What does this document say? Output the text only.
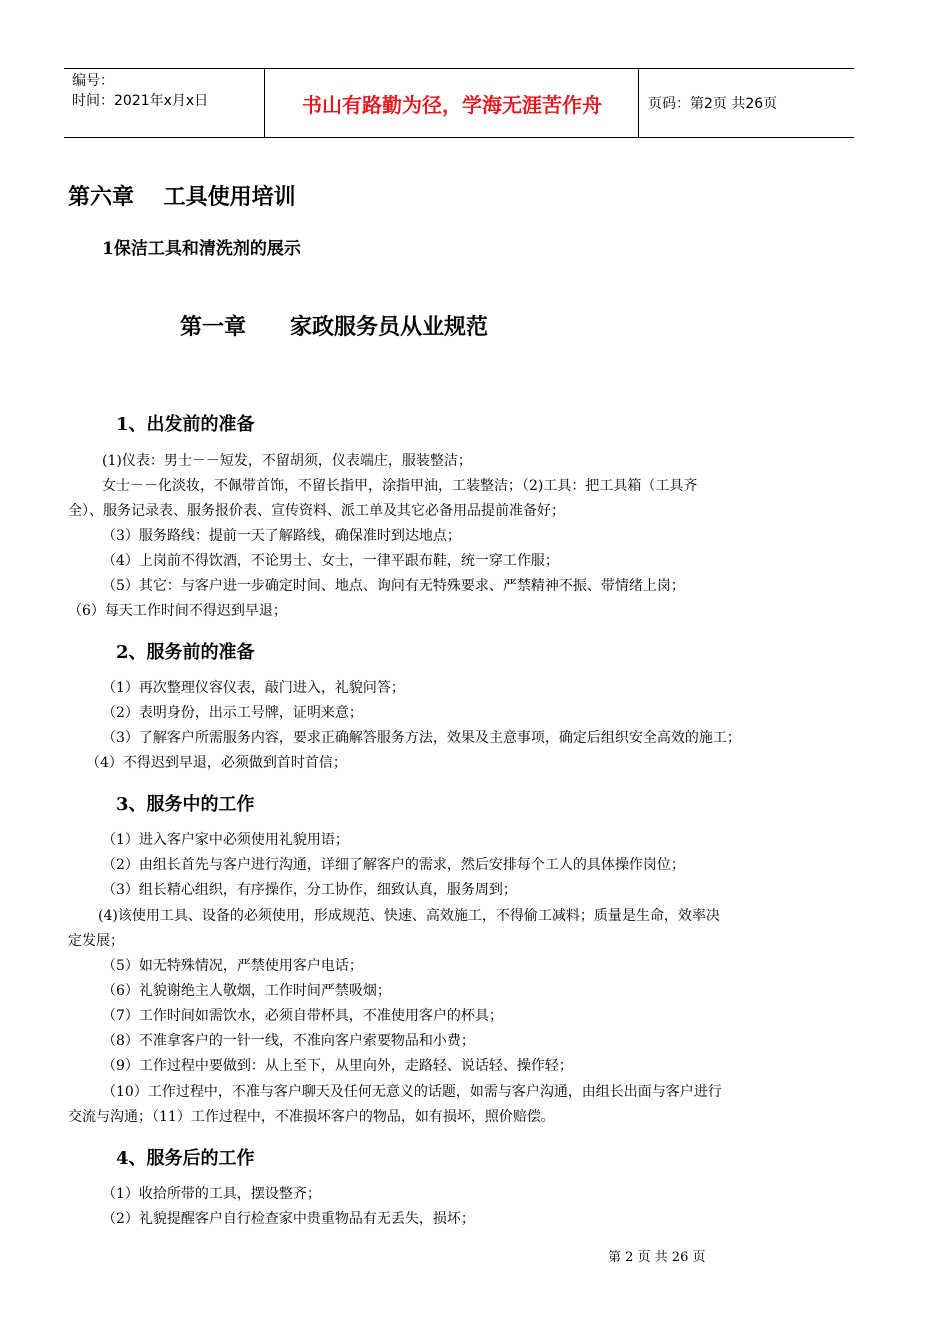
编号：
时间：2021年x月x日	书山有路勤为径，学海无涯苦作舟	页码：第2页 共26页
第六章　 工具使用培训
1保洁工具和清洗剂的展示
第一章　　家政服务员从业规范
1、出发前的准备
(1)仪表：男士－－短发，不留胡须，仪表端庄，服装整洁；
女士－－化淡妆，不佩带首饰，不留长指甲，涂指甲油，工装整洁；（2)工具：把工具箱（工具齐
全）、服务记录表、服务报价表、宣传资料、派工单及其它必备用品提前准备好；
（3）服务路线：提前一天了解路线，确保准时到达地点；
（4）上岗前不得饮酒，不论男士、女士，一律平跟布鞋，统一穿工作服；
（5）其它：与客户进一步确定时间、地点、询问有无特殊要求、严禁精神不振、带情绪上岗；
（6）每天工作时间不得迟到早退；
2、服务前的准备
（1）再次整理仪容仪表，敲门进入，礼貌问答；
（2）表明身份，出示工号牌，证明来意；
（3）了解客户所需服务内容，要求正确解答服务方法，效果及主意事项，确定后组织安全高效的施工；
（4）不得迟到早退，必须做到首时首信；
3、服务中的工作
（1）进入客户家中必须使用礼貌用语；
（2）由组长首先与客户进行沟通，详细了解客户的需求，然后安排每个工人的具体操作岗位；
（3）组长精心组织，有序操作，分工协作，细致认真，服务周到；
(4)该使用工具、设备的必须使用，形成规范、快速、高效施工，不得偷工减料；质量是生命，效率决
定发展；
（5）如无特殊情况，严禁使用客户电话；
（6）礼貌谢绝主人敬烟，工作时间严禁吸烟；
（7）工作时间如需饮水，必须自带杯具，不准使用客户的杯具；
（8）不准拿客户的一针一线，不准向客户索要物品和小费；
（9）工作过程中要做到：从上至下，从里向外，走路轻、说话轻、操作轻；
（10）工作过程中，不准与客户聊天及任何无意义的话题，如需与客户沟通，由组长出面与客户进行
交流与沟通；（11）工作过程中，不准损坏客户的物品，如有损坏，照价赔偿。
4、服务后的工作
（1）收拾所带的工具，摆设整齐；
（2）礼貌提醒客户自行检查家中贵重物品有无丢失，损坏；
第 2 页 共 26 页
